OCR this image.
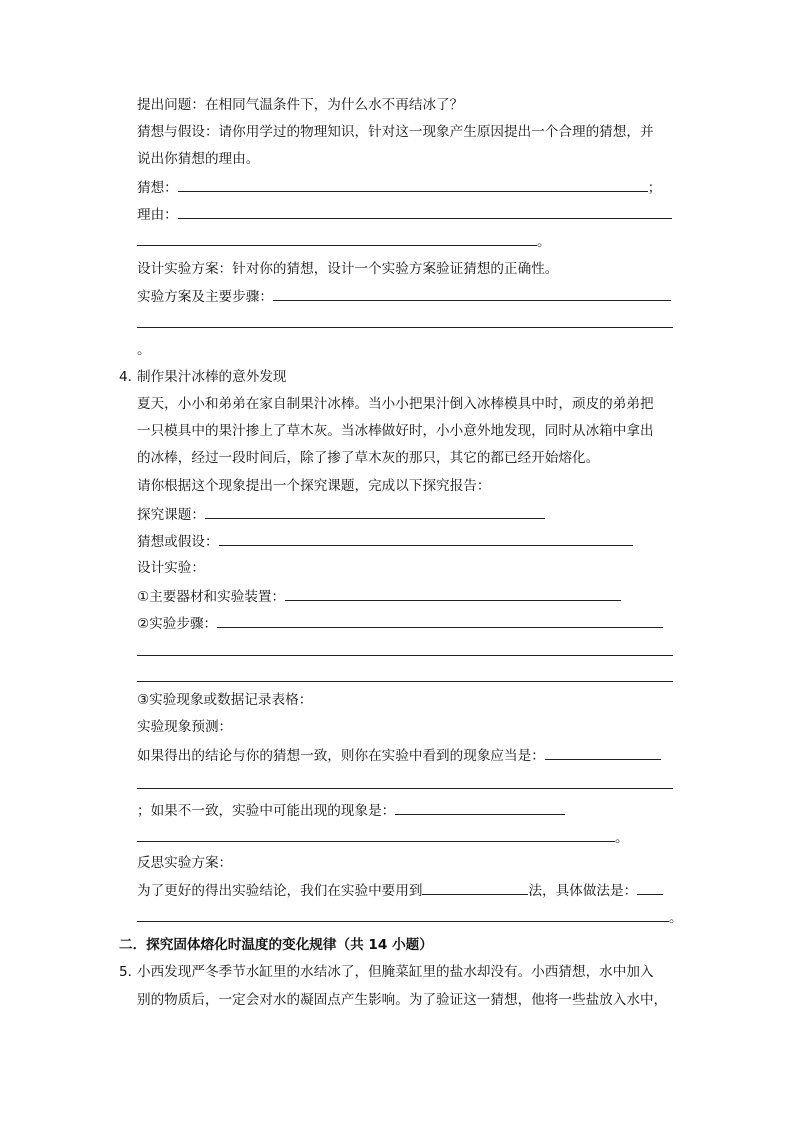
提出问题：在相同气温条件下，为什么水不再结冰了？
猜想与假设：请你用学过的物理知识，针对这一现象产生原因提出一个合理的猜想，并
说出你猜想的理由。
猜想：	；
理由：
。
设计实验方案：针对你的猜想，设计一个实验方案验证猜想的正确性。
实验方案及主要步骤：
。
4．
制作果汁冰棒的意外发现
夏天，小小和弟弟在家自制果汁冰棒。当小小把果汁倒入冰棒模具中时，顽皮的弟弟把
一只模具中的果汁掺上了草木灰。当冰棒做好时，小小意外地发现，同时从冰箱中拿出
的冰棒，经过一段时间后，除了掺了草木灰的那只，其它的都已经开始熔化。
请你根据这个现象提出一个探究课题，完成以下探究报告：
探究课题：
猜想或假设：
设计实验：
①主要器材和实验装置：
②实验步骤：
③实验现象或数据记录表格：
实验现象预测：
如果得出的结论与你的猜想一致，则你在实验中看到的现象应当是：
；如果不一致，实验中可能出现的现象是：
。
反思实验方案：
为了更好的得出实验结论，我们在实验中要用到	法，具体做法是：
。
二．探究固体熔化时温度的变化规律（共 14 小题）
5．
小西发现严冬季节水缸里的水结冰了，但腌菜缸里的盐水却没有。小西猜想，水中加入
别的物质后，一定会对水的凝固点产生影响。为了验证这一猜想，他将一些盐放入水中，
